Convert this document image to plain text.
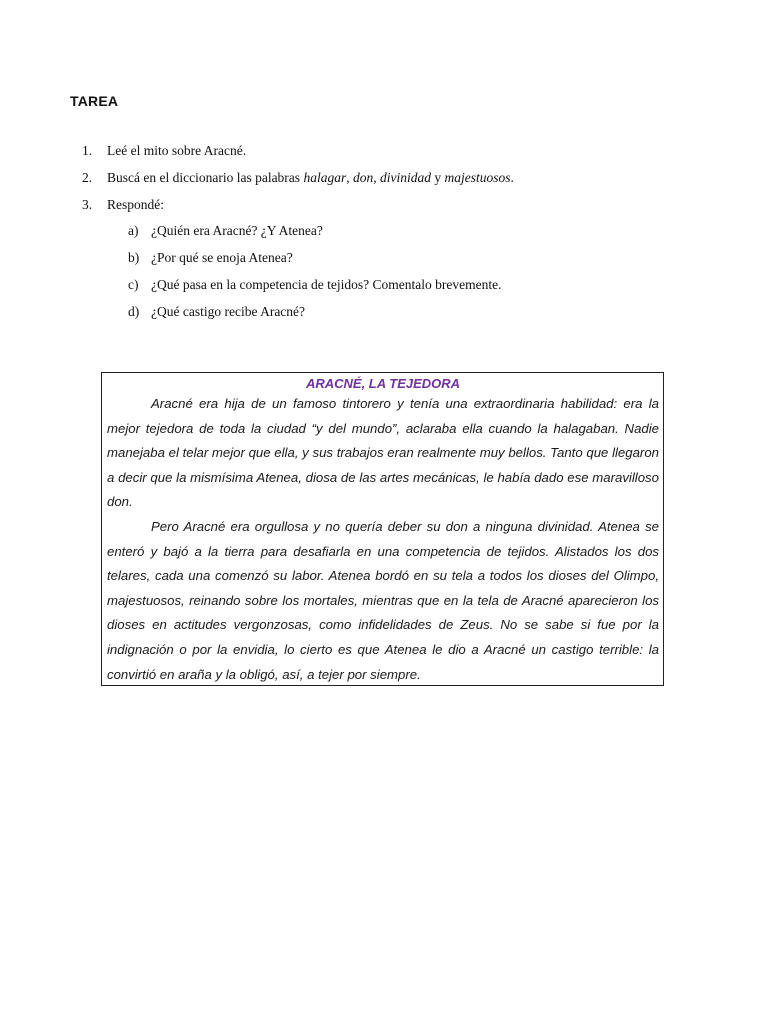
TAREA
1.	Leé el mito sobre Aracné.
2.	Buscá en el diccionario las palabras halagar, don, divinidad y majestuosos.
3.	Respondé:
a) ¿Quién era Aracné? ¿Y Atenea?
b) ¿Por qué se enoja Atenea?
c) ¿Qué pasa en la competencia de tejidos? Comentalo brevemente.
d) ¿Qué castigo recibe Aracné?
ARACNÉ, LA TEJEDORA

Aracné era hija de un famoso tintorero y tenía una extraordinaria habilidad: era la mejor tejedora de toda la ciudad “y del mundo”, aclaraba ella cuando la halagaban. Nadie manejaba el telar mejor que ella, y sus trabajos eran realmente muy bellos. Tanto que llegaron a decir que la mismísima Atenea, diosa de las artes mecánicas, le había dado ese maravilloso don.

Pero Aracné era orgullosa y no quería deber su don a ninguna divinidad. Atenea se enteró y bajó a la tierra para desafiarla en una competencia de tejidos. Alistados los dos telares, cada una comenzó su labor. Atenea bordó en su tela a todos los dioses del Olimpo, majestuosos, reinando sobre los mortales, mientras que en la tela de Aracné aparecieron los dioses en actitudes vergonzosas, como infidelidades de Zeus. No se sabe si fue por la indignación o por la envidia, lo cierto es que Atenea le dio a Aracné un castigo terrible: la convirtió en araña y la obligó, así, a tejer por siempre.
